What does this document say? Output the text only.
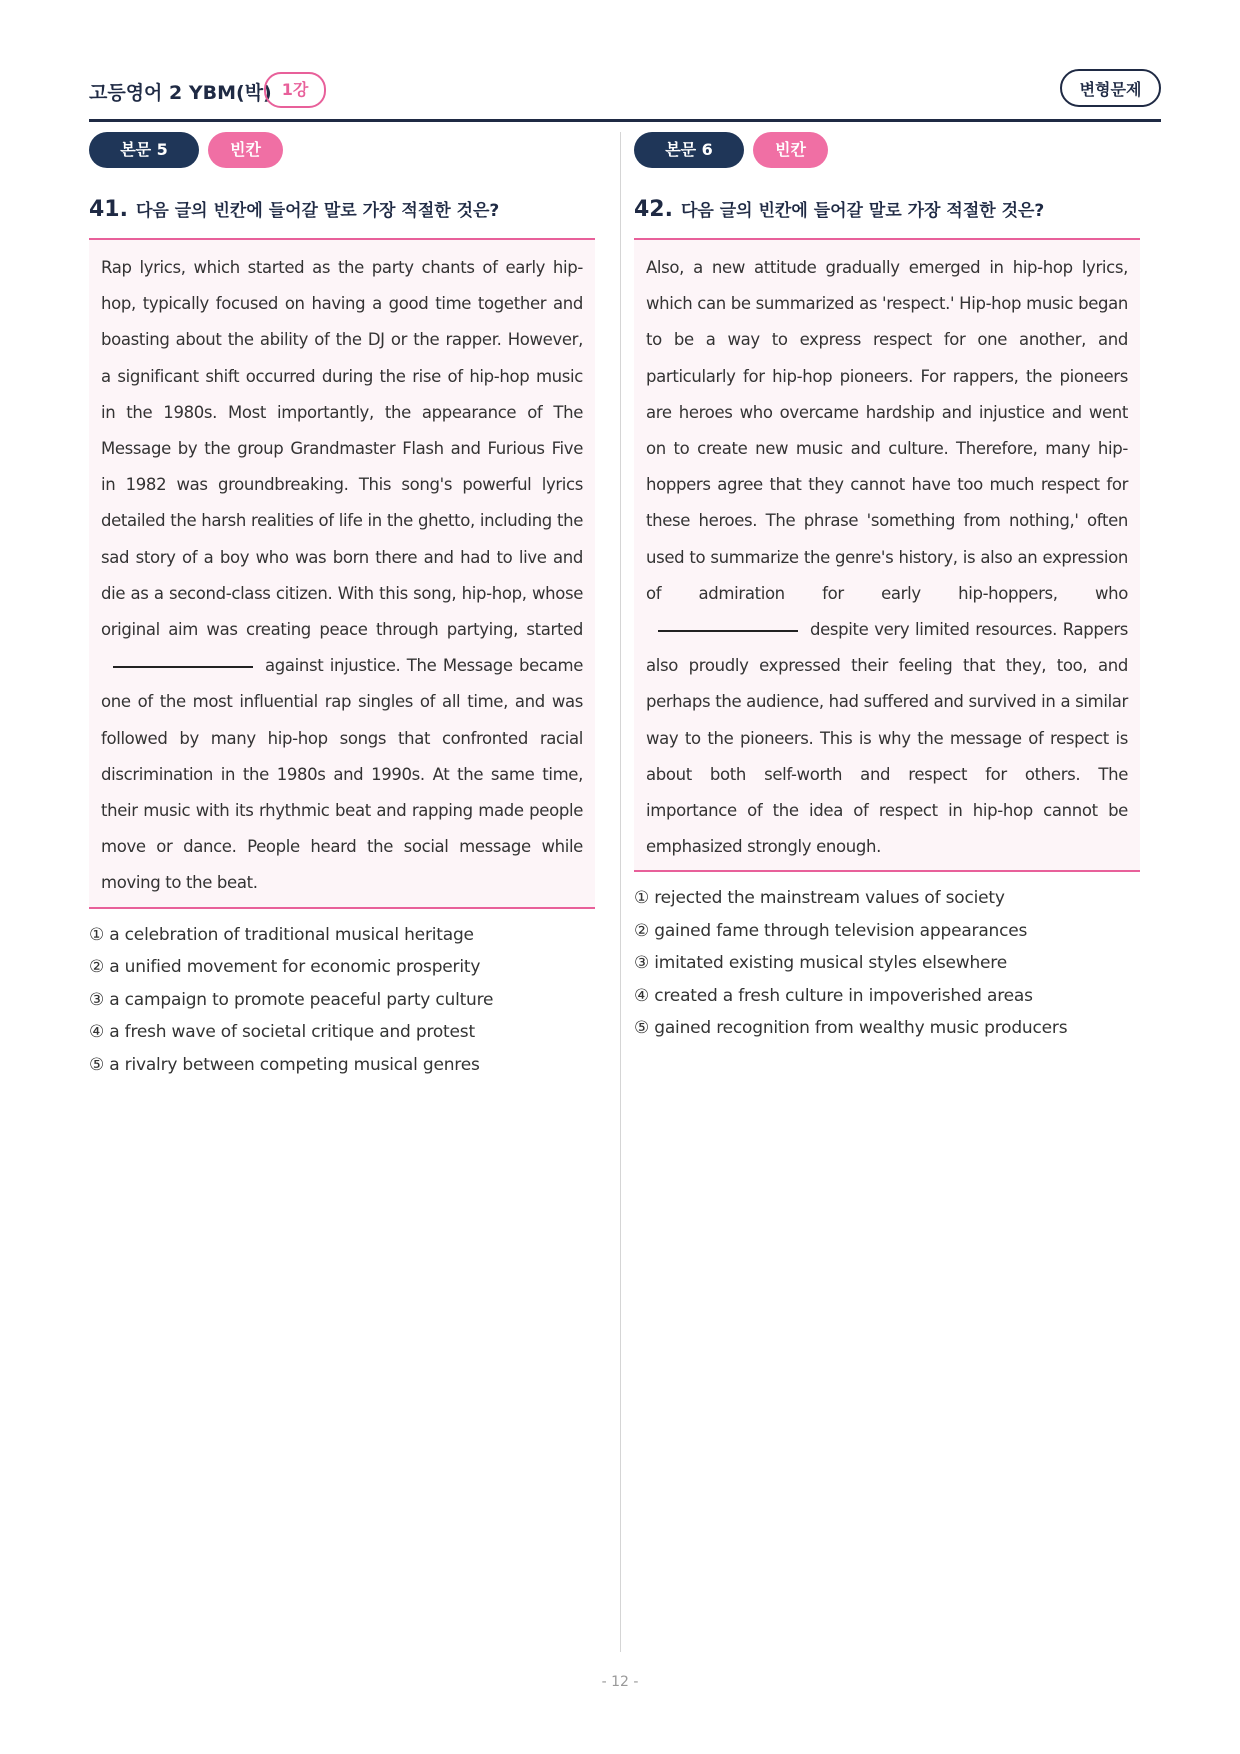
고등영어 2 YBM(박) 1강	변형문제
본문 5	빈칸
41. 다음 글의 빈칸에 들어갈 말로 가장 적절한 것은?

Rap lyrics, which started as the party chants of early hip-hop, typically focused on having a good time together and boasting about the ability of the DJ or the rapper. However, a significant shift occurred during the rise of hip-hop music in the 1980s. Most importantly, the appearance of The Message by the group Grandmaster Flash and Furious Five in 1982 was groundbreaking. This song's powerful lyrics detailed the harsh realities of life in the ghetto, including the sad story of a boy who was born there and had to live and die as a second-class citizen. With this song, hip-hop, whose original aim was creating peace through partying, startedagainst injustice. The Message became one of the most influential rap singles of all time, and was followed by many hip-hop songs that confronted racial discrimination in the 1980s and 1990s. At the same time, their music with its rhythmic beat and rapping made people move or dance. People heard the social message while moving to the beat.

① a celebration of traditional musical heritage
② a unified movement for economic prosperity
③ a campaign to promote peaceful party culture
④ a fresh wave of societal critique and protest
⑤ a rivalry between competing musical genres
본문 6	빈칸
42. 다음 글의 빈칸에 들어갈 말로 가장 적절한 것은?

Also, a new attitude gradually emerged in hip-hop lyrics, which can be summarized as 'respect.' Hip-hop music began to be a way to express respect for one another, and particularly for hip-hop pioneers. For rappers, the pioneers are heroes who overcame hardship and injustice and went on to create new music and culture. Therefore, many hip-hoppers agree that they cannot have too much respect for these heroes. The phrase 'something from nothing,' often used to summarize the genre's history, is also an expression of admiration for early hip-hoppers, whodespite very limited resources. Rappers also proudly expressed their feeling that they, too, and perhaps the audience, had suffered and survived in a similar way to the pioneers. This is why the message of respect is about both self-worth and respect for others. The importance of the idea of respect in hip-hop cannot be emphasized strongly enough.

① rejected the mainstream values of society
② gained fame through television appearances
③ imitated existing musical styles elsewhere
④ created a fresh culture in impoverished areas
⑤ gained recognition from wealthy music producers
- 12 -
